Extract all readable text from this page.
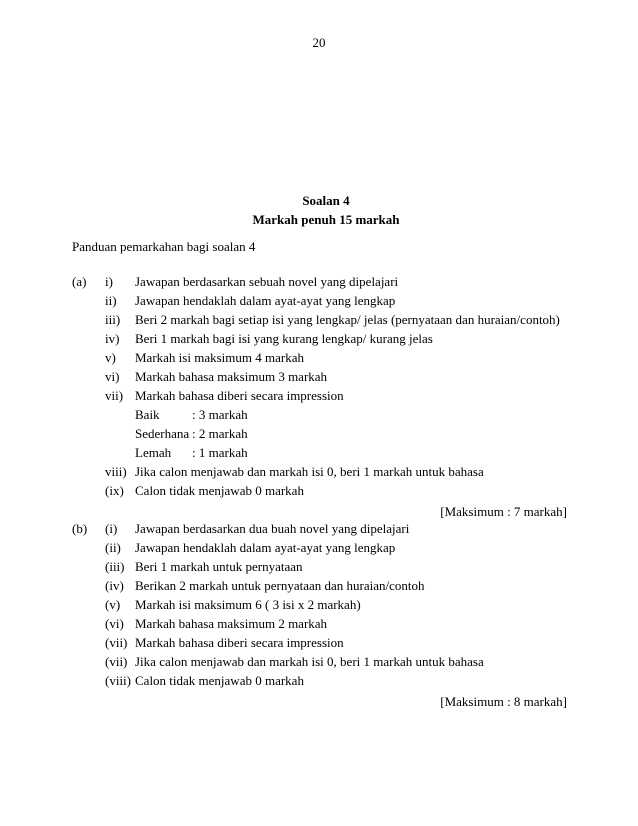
20
Soalan 4
Markah penuh 15 markah
Panduan pemarkahan bagi soalan 4
(a)	i)	Jawapan berdasarkan sebuah novel yang dipelajari
ii)	Jawapan hendaklah dalam ayat-ayat yang lengkap
iii)	Beri 2 markah bagi setiap isi yang lengkap/ jelas (pernyataan dan huraian/contoh)
iv)	Beri 1 markah bagi isi yang kurang lengkap/ kurang jelas
v)	Markah isi maksimum 4 markah
vi)	Markah bahasa maksimum 3 markah
vii) Markah bahasa diberi secara impression
Baik	: 3 markah
Sederhana : 2 markah
Lemah	: 1 markah
viii) Jika calon menjawab dan markah isi 0, beri 1 markah untuk bahasa
(ix) Calon tidak menjawab 0 markah
[Maksimum : 7 markah]
(b)	(i)	Jawapan berdasarkan dua buah novel yang dipelajari
(ii)	Jawapan hendaklah dalam ayat-ayat yang lengkap
(iii) Beri 1 markah untuk pernyataan
(iv) Berikan 2 markah untuk pernyataan dan huraian/contoh
(v)	Markah isi maksimum 6 ( 3 isi x 2 markah)
(vi) Markah bahasa maksimum 2 markah
(vii) Markah bahasa diberi secara impression
(vii) Jika calon menjawab dan markah isi 0, beri 1 markah untuk bahasa
(viii) Calon tidak menjawab 0 markah
[Maksimum : 8 markah]
